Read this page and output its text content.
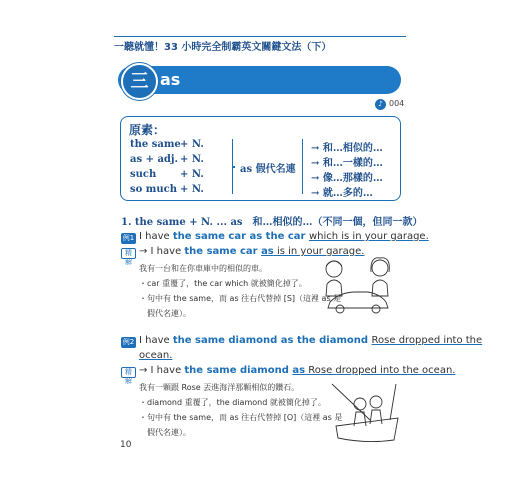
一聽就懂！33 小時完全制霸英文關鍵文法（下）
三 as
♪ 004
原素：
the same + N.
as + adj. + N.
such + N.
so much + N.
as 假代名連
→ 和…相似的…
→ 和…一樣的…
→ 像…那樣的…
→ 就…多的…
1. the same + N. ... as　和…相似的…（不同一個，但同一款）
例1 I have the same car as the car which is in your garage.
精解
→ I have the same car as is in your garage.
我有一台和在你車庫中的相似的車。
・car 重覆了，the car which 就被簡化掉了。
・句中有 the same，而 as 往右代替掉 [S]（這裡 as 是
　假代名連）。
例2 I have the same diamond as the diamond Rose dropped into the
ocean.
精解
→ I have the same diamond as Rose dropped into the ocean.
我有一顆跟 Rose 丟進海洋那顆相似的鑽石。
・diamond 重覆了，the diamond 就被簡化掉了。
・句中有 the same，而 as 往右代替掉 [O]（這裡 as 是
　假代名連）。
10
